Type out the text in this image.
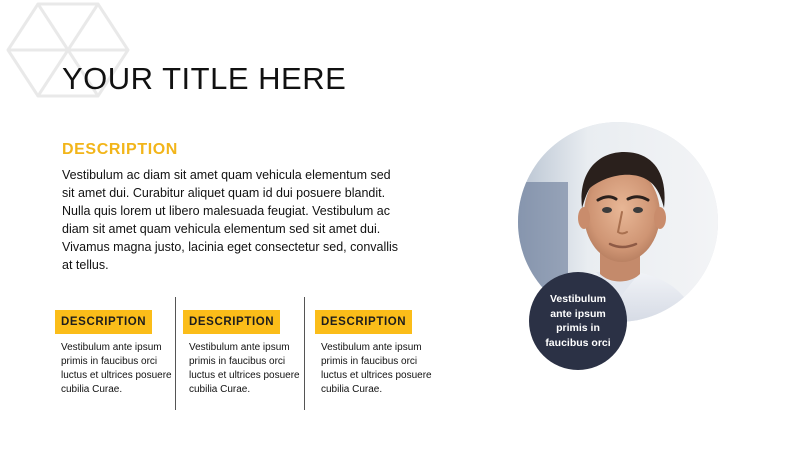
YOUR TITLE HERE
DESCRIPTION

Vestibulum ac diam sit amet quam vehicula elementum sed sit amet dui. Curabitur aliquet quam id dui posuere blandit. Nulla quis lorem ut libero malesuada feugiat. Vestibulum ac diam sit amet quam vehicula elementum sed sit amet dui. Vivamus magna justo, lacinia eget consectetur sed, convallis at tellus.

DESCRIPTION

Vestibulum ante ipsum primis in faucibus orci luctus et ultrices posuere cubilia Curae.

DESCRIPTION

Vestibulum ante ipsum primis in faucibus orci luctus et ultrices posuere cubilia Curae.

DESCRIPTION

Vestibulum ante ipsum primis in faucibus orci luctus et ultrices posuere cubilia Curae.

Vestibulum ante ipsum primis in faucibus orci
